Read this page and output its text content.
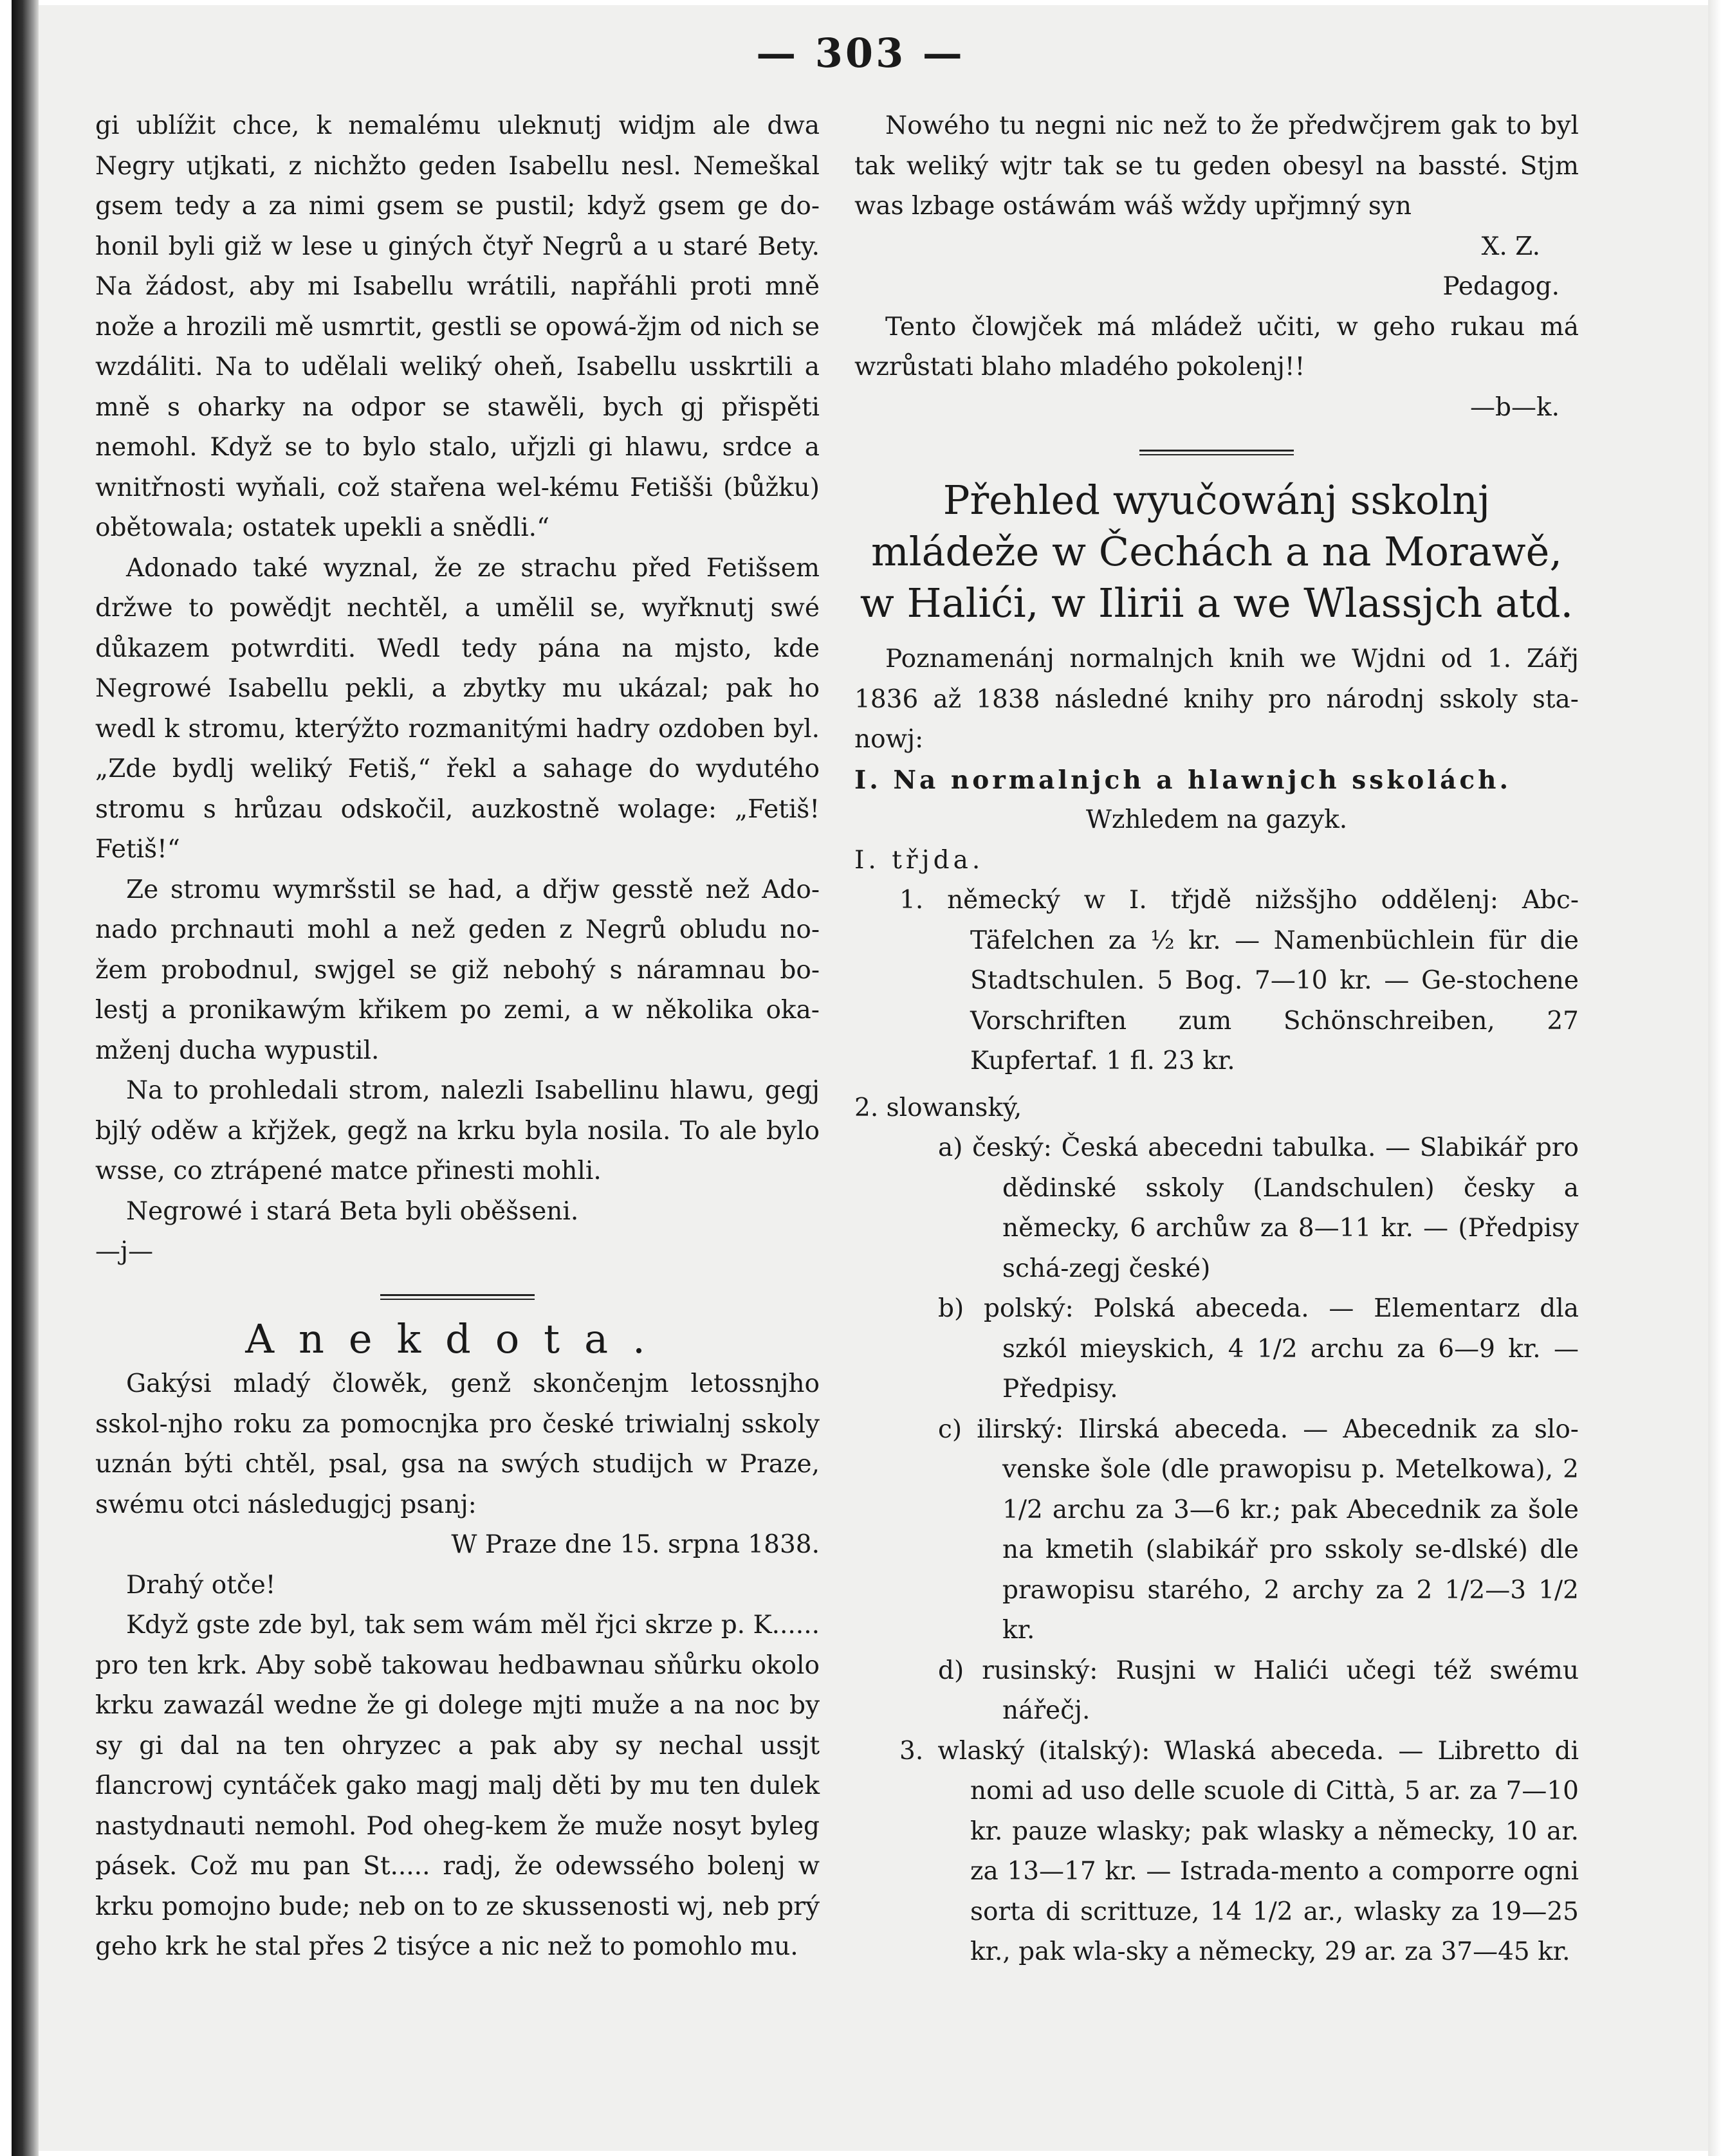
— 303 —

gi ublížit chce, k nemalému uleknutj widjm ale dwa Negry utjkati, z nichžto geden Isabellu nesl. Nemeškal gsem tedy a za nimi gsem se pustil; když gsem ge do-honil byli giž w lese u giných čtyř Negrů a u staré Bety. Na žádost, aby mi Isabellu wrátili, napřáhli proti mně nože a hrozili mě usmrtit, gestli se opowá-žjm od nich se wzdáliti. Na to udělali weliký oheň, Isabellu usskrtili a mně s oharky na odpor se stawěli, bych gj přispěti nemohl. Když se to bylo stalo, uřjzli gi hlawu, srdce a wnitřnosti wyňali, což stařena wel-kému Fetišši (bůžku) obětowala; ostatek upekli a snědli.“

Adonado také wyznal, že ze strachu před Fetišsem držwe to powědjt nechtěl, a umělil se, wyřknutj swé důkazem potwrditi. Wedl tedy pána na mjsto, kde Negrowé Isabellu pekli, a zbytky mu ukázal; pak ho wedl k stromu, kterýžto rozmanitými hadry ozdoben byl. „Zde bydlj weliký Fetiš,“ řekl a sahage do wydutého stromu s hrůzau odskočil, auzkostně wolage: „Fetiš! Fetiš!“

Ze stromu wymršstil se had, a dřjw gesstě než Ado-nado prchnauti mohl a než geden z Negrů obludu no-žem probodnul, swjgel se giž nebohý s náramnau bo-lestj a pronikawým křikem po zemi, a w několika oka-mženj ducha wypustil.

Na to prohledali strom, nalezli Isabellinu hlawu, gegj bjlý oděw a křjžek, gegž na krku byla nosila. To ale bylo wsse, co ztrápené matce přinesti mohli.

Negrowé i stará Beta byli oběšseni.

—j—

Anekdota.

Gakýsi mladý člowěk, genž skončenjm letossnjho sskol-njho roku za pomocnjka pro české triwialnj sskoly uznán býti chtěl, psal, gsa na swých studijch w Praze, swému otci následugjcj psanj:

W Praze dne 15. srpna 1838.

Drahý otče!

Když gste zde byl, tak sem wám měl řjci skrze p. K...... pro ten krk. Aby sobě takowau hedbawnau sňůrku okolo krku zawazál wedne že gi dolege mjti muže a na noc by sy gi dal na ten ohryzec a pak aby sy nechal ussjt flancrowj cyntáček gako magj malj děti by mu ten dulek nastydnauti nemohl. Pod oheg-kem že muže nosyt byleg pásek. Což mu pan St..... radj, že odewssého bolenj w krku pomojno bude; neb on to ze skussenosti wj, neb prý geho krk he stal přes 2 tisýce a nic než to pomohlo mu.

Nowého tu negni nic než to že předwčjrem gak to byl tak weliký wjtr tak se tu geden obesyl na bassté. Stjm was lzbage ostáwám wáš wždy upřjmný syn

X. Z.

Pedagog.

Tento člowjček má mládež učiti, w geho rukau má wzrůstati blaho mladého pokolenj!!

—b—k.

Přehled wyučowánj sskolnj mládeže w Čechách a na Morawě, w Halići, w Ilirii a we Wlassjch atd.

Poznamenánj normalnjch knih we Wjdni od 1. Zářj 1836 až 1838 následné knihy pro národnj sskoly sta-nowj:

I. Na normalnjch a hlawnjch sskolách.

Wzhledem na gazyk.

I. třjda.

1. německý w I. třjdě nižsšjho oddělenj: Abc-Täfelchen za ½ kr. — Namenbüchlein für die Stadtschulen. 5 Bog. 7—10 kr. — Ge-stochene Vorschriften zum Schönschreiben, 27 Kupfertaf. 1 fl. 23 kr.

2. slowanský,

a) český: Česká abecedni tabulka. — Slabikář pro dědinské sskoly (Landschulen) česky a německy, 6 archůw za 8—11 kr. — (Předpisy schá-zegj české)

b) polský: Polská abeceda. — Elementarz dla szkól mieyskich, 4 1/2 archu za 6—9 kr. — Předpisy.

c) ilirský: Ilirská abeceda. — Abecednik za slo-venske šole (dle prawopisu p. Metelkowa), 2 1/2 archu za 3—6 kr.; pak Abecednik za šole na kmetih (slabikář pro sskoly se-dlské) dle prawopisu starého, 2 archy za 2 1/2—3 1/2 kr.

d) rusinský: Rusjni w Halići učegi též swému nářečj.

3. wlaský (italský): Wlaská abeceda. — Libretto di nomi ad uso delle scuole di Città, 5 ar. za 7—10 kr. pauze wlasky; pak wlasky a německy, 10 ar. za 13—17 kr. — Istrada-mento a comporre ogni sorta di scrittuze, 14 1/2 ar., wlasky za 19—25 kr., pak wla-sky a německy, 29 ar. za 37—45 kr.
